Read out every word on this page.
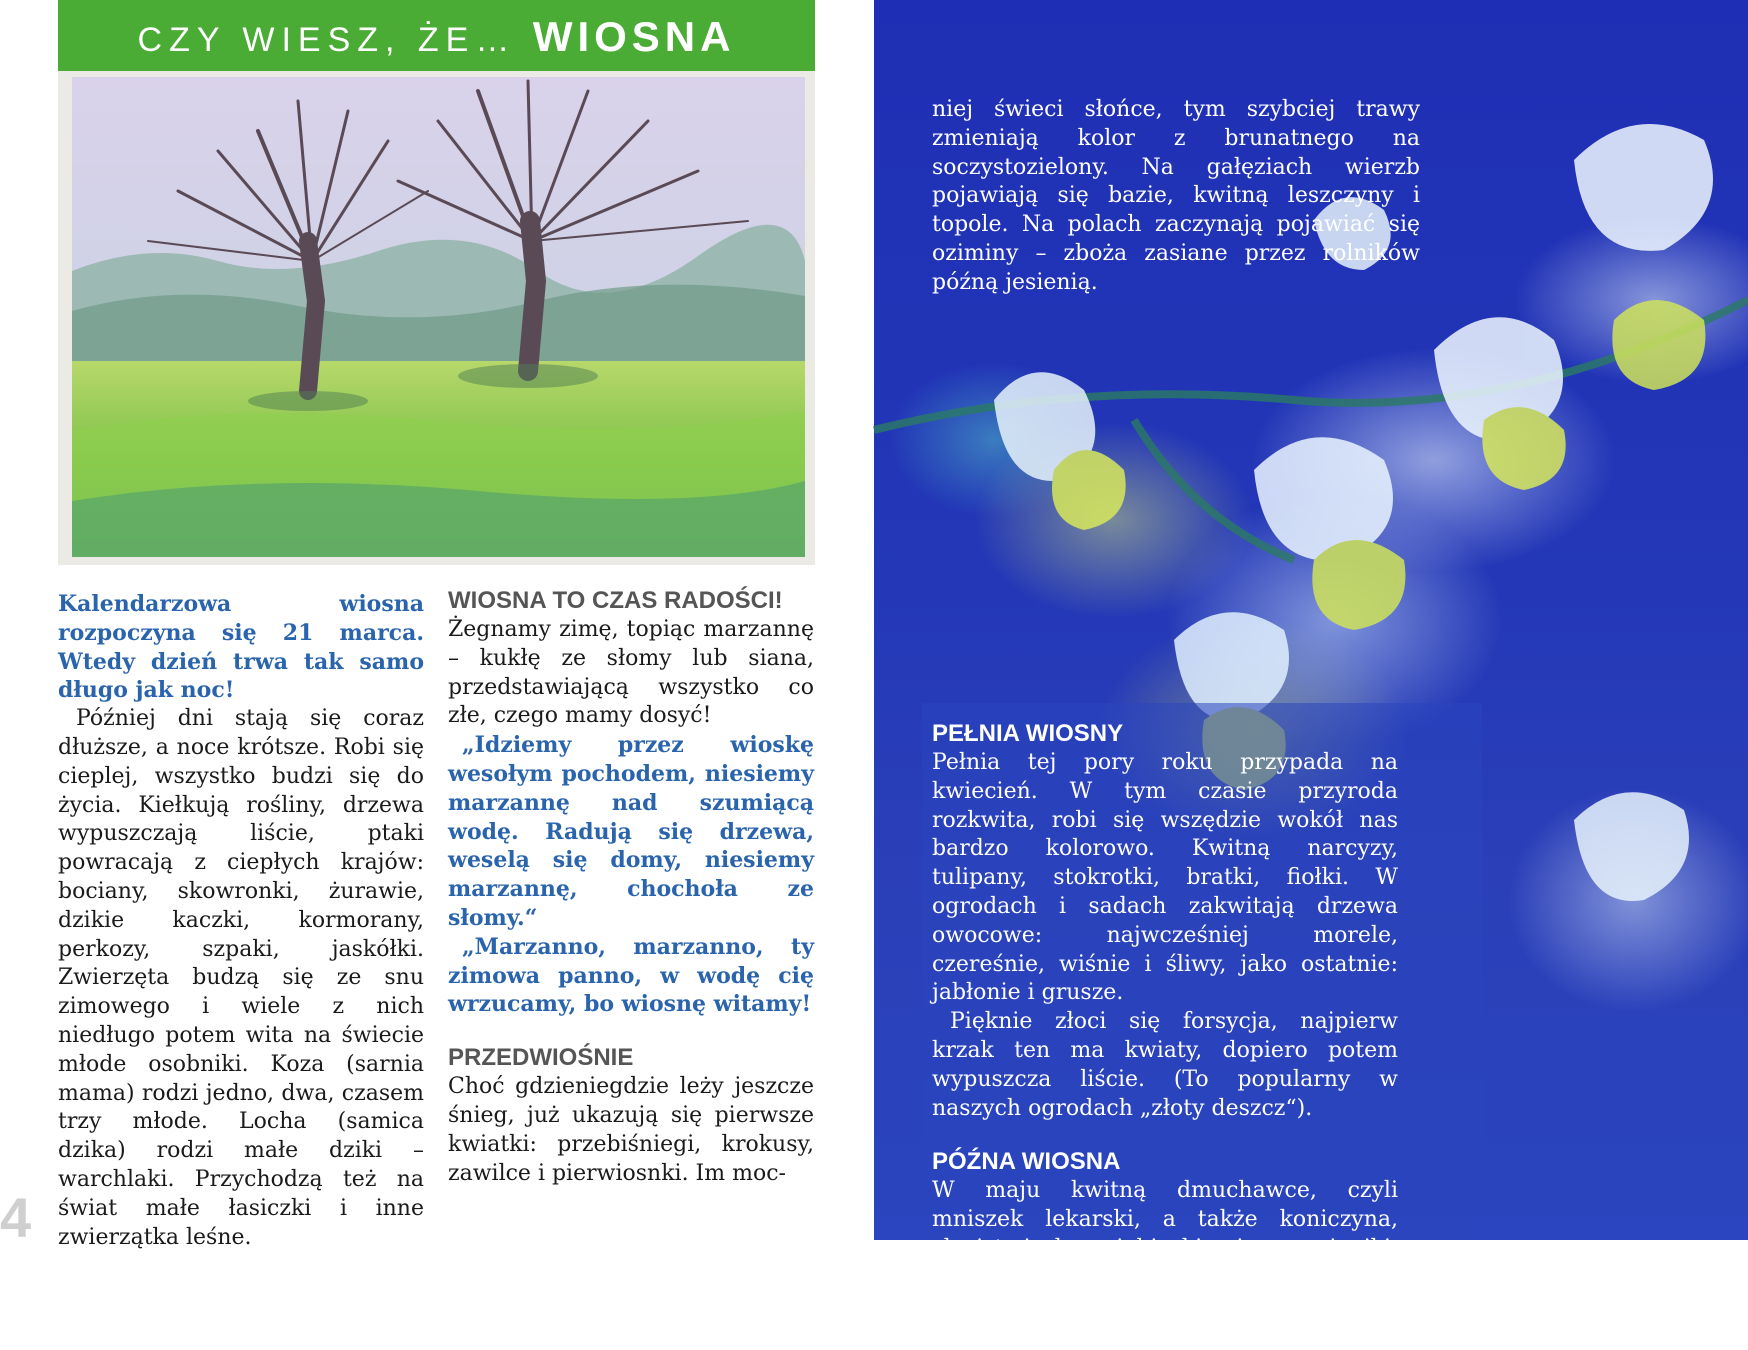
CZY WIESZ, ŻE… WIOSNA

Kalendarzowa wiosna rozpoczyna się 21 marca. Wtedy dzień trwa tak samo długo jak noc!

Później dni stają się coraz dłuższe, a noce krótsze. Robi się cieplej, wszystko budzi się do życia. Kiełkują rośliny, drzewa wypuszczają liście, ptaki powracają z ciepłych krajów: bociany, skowronki, żurawie, dzikie kaczki, kormorany, perkozy, szpaki, jaskółki. Zwierzęta budzą się ze snu zimowego i wiele z nich niedługo potem wita na świecie młode osobniki. Koza (sarnia mama) rodzi jedno, dwa, czasem trzy młode. Locha (samica dzika) rodzi małe dziki – warchlaki. Przychodzą też na świat małe łasiczki i inne zwierzątka leśne.

WIOSNA TO CZAS RADOŚCI!

Żegnamy zimę, topiąc marzannę – kukłę ze słomy lub siana, przedstawiającą wszystko co złe, czego mamy dosyć!

„Idziemy przez wioskę wesołym pochodem, niesiemy marzannę nad szumiącą wodę. Radują się drzewa, weselą się domy, niesiemy marzannę, chochoła ze słomy.“

„Marzanno, marzanno, ty zimowa panno, w wodę cię wrzucamy, bo wiosnę witamy!

PRZEDWIOŚNIE

Choć gdzieniegdzie leży jeszcze śnieg, już ukazują się pierwsze kwiatki: przebiśniegi, krokusy, zawilce i pierwiosnki. Im moc-

4

niej świeci słońce, tym szybciej trawy zmieniają kolor z brunatnego na soczystozielony. Na gałęziach wierzb pojawiają się bazie, kwitną leszczyny i topole. Na polach zaczynają pojawiać się oziminy – zboża zasiane przez rolników późną jesienią.

PEŁNIA WIOSNY

Pełnia tej pory roku przypada na kwiecień. W tym czasie przyroda rozkwita, robi się wszędzie wokół nas bardzo kolorowo. Kwitną narcyzy, tulipany, stokrotki, bratki, fiołki. W ogrodach i sadach zakwitają drzewa owocowe: najwcześniej morele, czereśnie, wiśnie i śliwy, jako ostatnie: jabłonie i grusze.

Pięknie złoci się forsycja, najpierw krzak ten ma kwiaty, dopiero potem wypuszcza liście. (To popularny w naszych ogrodach „złoty deszcz“).

PÓŹNA WIOSNA

W maju kwitną dmuchawce, czyli mniszek lekarski, a także koniczyna, złociste jaskry, niebieskie niezapominajki. Typowo majowymi kwiatkami są konwalie, a krzewami ozdobnymi – białe i fioletowe bzy.
